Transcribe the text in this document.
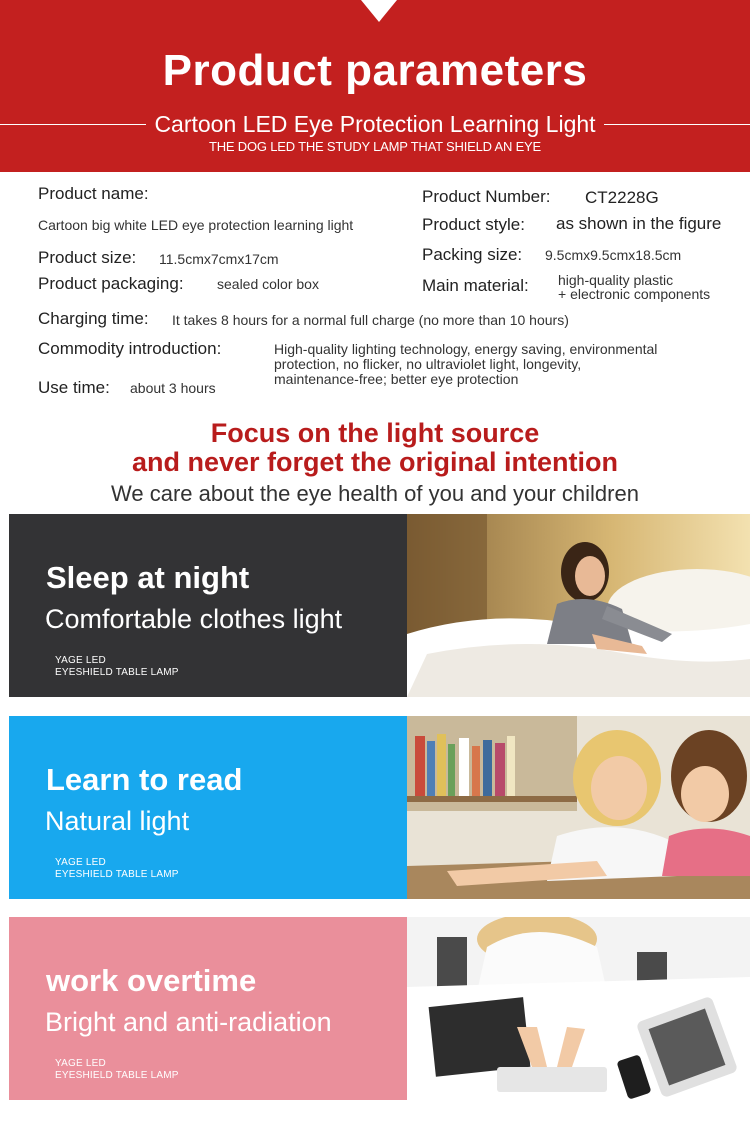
Product parameters
Cartoon LED Eye Protection Learning Light
THE DOG LED THE STUDY LAMP THAT SHIELD AN EYE
Product name:
Cartoon big white LED eye protection learning light
Product Number: CT2228G
Product style: as shown in the figure
Product size: 11.5cmx7cmx17cm	Packing size: 9.5cmx9.5cmx18.5cm
Product packaging: sealed color box	Main material: high-quality plastic
+ electronic components
Charging time: It takes 8 hours for a normal full charge (no more than 10 hours)
Commodity introduction:	High-quality lighting technology, energy saving, environmental
protection, no flicker, no ultraviolet light, longevity,
maintenance-free; better eye protection
Use time: about 3 hours
Focus on the light source
and never forget the original intention
We care about the eye health of you and your children
Sleep at night
Comfortable clothes light
YAGE LED
EYESHIELD TABLE LAMP
Learn to read
Natural light
YAGE LED
EYESHIELD TABLE LAMP
work overtime
Bright and anti-radiation
YAGE LED
EYESHIELD TABLE LAMP
